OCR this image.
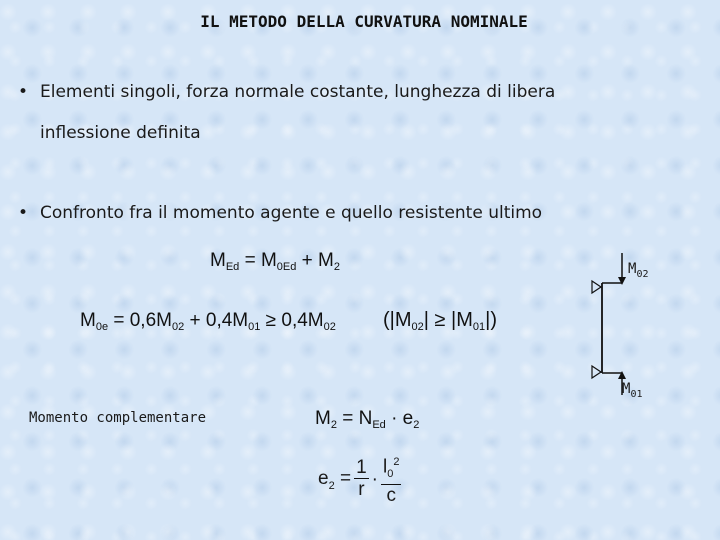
IL METODO DELLA CURVATURA NOMINALE
• Elementi singoli, forza normale costante, lunghezza di libera
inflessione definita
• Confronto fra il momento agente e quello resistente ultimo
$M_{Ed} = M_{0Ed} + M_2$
$M_{0e} = 0,6M_{02} + 0,4M_{01} \ge 0,4M_{02}$ $(|M_{02}| \ge |M_{01}|)$
Momento complementare	$M_2 = N_{Ed} \cdot e_2$
$e_2 = \frac{1}{r} \cdot \frac{l_0^2}{c}$
$M_{02}$
$M_{01}$
